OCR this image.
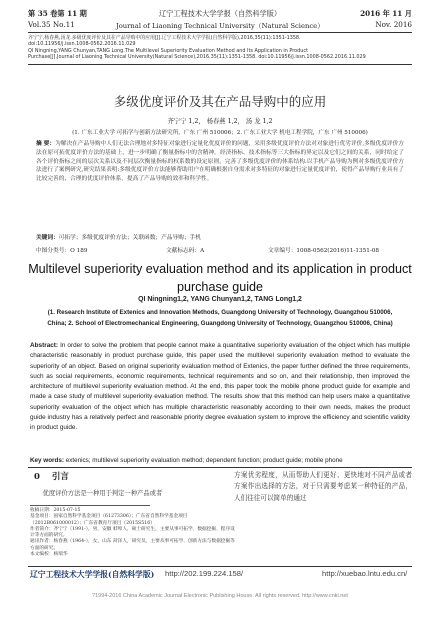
第 35 卷第 11 期
Vol.35 No.11
辽宁工程技术大学学报（自然科学版）
Journal of Liaoning Technical University（Natural Science）
2016 年 11 月
Nov. 2016

齐宁宁,杨春燕,汤龙.多级优度评价及其在产品导购中的应用[J].辽宁工程技术大学学报(自然科学版),2016,35(11):1351-1358.

doi:10.11956/j.issn.1008-0562.2016.11.029

QI Ningning,YANG Chunyan,TANG Long.The Multilevel Superiority Evaluation Method and Its Application in Product

Purchase[J].Journal of Liaoning Technical University(Natural Science),2016,35(11):1351-1358. doi:10.11956/j.issn.1008-0562.2016.11.029

多级优度评价及其在产品导购中的应用
齐宁宁 1,2， 杨春燕 1,2， 汤 龙 1,2
(1. 广东工业大学 可拓学与创新方法研究所，广东 广州 510006；2. 广东工业大学 机电工程学院，广东 广州 510006)
摘 要：为解决在产品导购中人们无法合理地对多特征对象进行定量化优度评价的问题，采用多级优度评价方法对对象进行优劣评价,多级优度评价方法在原可拓优度评价方法的基础上，进一步明确了衡量指标中的含精神。经济指标、技术指标等三大指标的界定以及它们之间的关系，同时给定了各个评价指标之间的层次关系以及不同层次衡量指标的权系数的设定原则，完善了多级优度评价的体系结构.以手机产品导购为例对多级优度评价方法进行了案例研究,研究结果表明:多级优度评价方法能够帮助用户在明确根据自身需求对多特征的对象进行定量优度评价，使得产品导购行业具有了比较完善的、合理的优度评价体系，提高了产品导购的效率和科学性。
关键词：可拓学；多级优度评价方法；关联函数；产品导购；手机
中图分类号：O 189	文献标志码：A	文章编号：1008-0562(2016)11-1351-08
Multilevel superiority evaluation method and its application in product purchase guide
QI Ningning1,2, YANG Chunyan1,2, TANG Long1,2
(1. Research Institute of Extenics and Innovation Methods, Guangdong University of Technology, Guangzhou 510006, China; 2. School of Electromechanical Engineering, Guangdong University of Technology, Guangzhou 510006, China)
Abstract: In order to solve the problem that people cannot make a quantitative superiority evaluation of the object which has multiple characteristic reasonably in product purchase guide, this paper used the multilevel superiority evaluation method to evaluate the superiority of an object. Based on original superiority evaluation method of Extenics, the paper further defined the three requirements, such as social requirements, economic requirements, technical requirements and so on, and their relationship, then improved the architecture of multilevel superiority evaluation method. At the end, this paper took the mobile phone product guide for example and made a case study of multilevel superiority evaluation method. The results show that this method can help users make a quantitative superiority evaluation of the object which has multiple characteristic reasonably according to their own needs, makes the product guide industry has a relatively perfect and reasonable priority degree evaluation system to improve the efficiency and scientific validity in product guide.
Key words: extenics; multilevel superiority evaluation method; dependent function; product guide; mobile phone
0 引言

优度评价方法是一种用于判定一种产品或者

方案优劣程度，从而帮助人们更好、更快地对不同产品或者方案作出选择的方法，对于只需要考虑某一种特征的产品，人们往往可以简单的通过

收稿日期：2015-07-15

基金项目：国家自然科学基金项目（61273306）；广东省自然科学基金项目（2012B061000012）；广东省教育厅项目（2015S516）

作者简介：齐宁宁（1991-），男，安徽 蚌埠人，硕士研究生，主要从事可拓学、数据挖掘、程序设计等方面的研究。

通讯作者：杨春燕（1964-），女，山东 菏泽人，研究员，主要从事可拓学、创新方法与数据挖掘等方面的研究。

本文编校：杨瑞华

辽宁工程技术大学学报(自然科学版) http://202.199.224.158/	http://xuebao.lntu.edu.cn/
?1994-2016 China Academic Journal Electronic Publishing House. All rights reserved. http://www.cnki.net
